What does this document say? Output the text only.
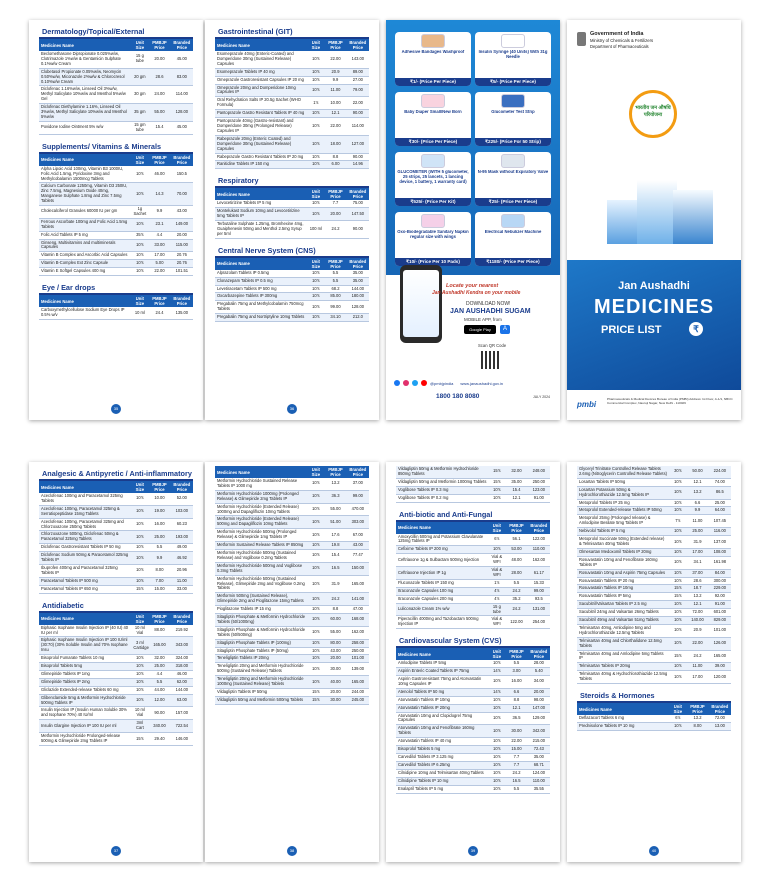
Dermatology/Topical/External
Medicines Name	Unit Size	PMBJP Price	Branded Price
Beclomethasone Dipropionate 0.025%w/w, Clotrimazole 1%w/w & Gentamicin Sulphate 0.1%w/w Cream	15 g tube	20.00	45.00
Clobetasol Propionate 0.05%w/w, Neomycin 0.50%w/w, Miconazole 2%w/w & Chlorocresol 0.10%w/w Cream	20 gm	28.6	83.00
Diclofenac 1.16%w/w, Linseed Oil 3%w/w, Methyl Salicylate 10%w/w and Menthol 5%w/w Gel	30 gm	24.00	114.00
Diclofenac Diethylamine 1.16%, Linseed Oil 3%w/w, Methyl Salicylate 10%w/w and Menthol 5%w/w	35 gm	55.00	128.00
Povidone Iodine Ointment 5% w/w	15 gm tube	15.4	45.00
Supplements/ Vitamins & Minerals
Medicines Name	Unit Size	PMBJP Price	Branded Price
Alpha Lipoic Acid 100mg, Vitamin B3 1000IU, Folic Acid 1.5mg, Pyridoxine 3mg and Methylcobalamin 1500mcg Tablets	10's	46.00	150.5
Calcium Carbonate 1250mg, Vitamin D3 250IU, Zinc 7.5mg, Magnesium Oxide 40mg, Manganese Sulphate 1.8mg and Zinc 7.5mg Tablets	10's	14.3	70.00
Cholecalciferol Granules 60000 IU per gm	1g Sachet	9.9	43.00
Ferrous Ascorbate 100mg and Folic Acid 1.5mg Tablets	10's	23.1	149.00
Folic Acid Tablets IP 5 mg	35's	4.4	20.00
Ginseng, Multivitamins and multiminerals Capsules	10's	33.00	115.00
Vitamin B Complex and Ascorbic Acid Capsules	10's	17.00	20.76
Vitamin B-Complex Ext Zinc Capsule	10's	5.00	20.76
Vitamin E Softgel Capsules 400 mg	10's	22.00	101.51
Eye / Ear drops
Medicines Name	Unit Size	PMBJP Price	Branded Price
Carboxymethylcellulose Sodium Eye Drops IP 0.5% w/v	10 ml	24.4	135.00
35
Gastrointestinal (GIT)
Medicines Name	Unit Size	PMBJP Price	Branded Price
Esomeprazole 40mg (Enteric-Coated) and Domperidone 30mg (Sustained Release) Capsules	10's	22.00	143.00
Esomeprazole Tablets IP 40 mg	10's	20.9	89.00
Omeprazole Gastroresistant Capsules IP 20 mg	10's	9.9	27.00
Omeprazole 20mg and Domperidone 10mg Capsules IP	10's	11.00	79.00
Oral Rehydration Salts IP 20.5g Sachet (WHO Formula)	1's	10.00	22.00
Pantoprazole Gastro Resistant Tablets IP 40 mg	10's	12.1	90.00
Pantoprazole 40mg (Gastro-resistant) and Domperidone 30mg (Prolonged Release) Capsules IP	10's	22.00	114.00
Rabeprazole 20mg (Enteric Coated) and Domperidone 30mg (Sustained Release) Capsules	10's	18.00	127.00
Rabeprazole Gastro Resistant Tablets IP 20 mg	10's	8.8	90.00
Ranitidine Tablets IP 150 mg	10's	6.00	14.96
Respiratory
Medicines Name	Unit Size	PMBJP Price	Branded Price
Levocetirizine Tablets IP 5 mg	10's	7.7	75.00
Montelukast Sodium 10mg and Levocetirizine 5mg Tablets IP	10's	20.00	147.50
Terbutaline Sulphate 1.25mg, Bromhexine 4mg, Guaiphenesin 50mg and Menthol 2.5mg Syrup per 5ml	100 ml	24.2	90.00
Central Nerve System (CNS)
Medicines Name	Unit Size	PMBJP Price	Branded Price
Alprazolam Tablets IP 0.5mg	10's	5.5	35.00
Clonazepam Tablets IP 0.5 mg	10's	5.5	35.00
Levetiracetam Tablets IP 500 mg	10's	68.2	144.00
Oxcarbazepine Tablets IP 300mg	10's	85.00	180.00
Pregabalin 75mg and Methylcobalamin 750mcg Tablets	10's	99.00	128.00
Pregabalin 75mg and Nortriptyline 10mg Tablets	10's	34.10	212.0
36
Adhesive Bandages Washproof
₹1/- (Price Per Piece)
Insulin Syringe (40 Units) With 31g Needle
₹5/- (Price Per Piece)
Baby Diaper Small/New Born
₹30/- (Price Per Piece)
Glucometer Test Strip
₹225/- (Price For 50 Strip)
GLUCOMETER (WITH 5 glucometer, 25 strips, 25 lancets, 1 lancing device, 1 battery, 1 warranty card)
₹525/- (Price Per Kit)
N-95 Mask without Expiratory Valve
₹25/- (Price Per Piece)
Oxo-Biodegradable Sanitary Napkin regular size with wings
₹10/- (Price Per 10 Pads)
Electrical Nebulizer Machine
₹1180/- (Price Per Piece)
Locate your nearest
Jan Aushadhi Kendra on your mobile
DOWNLOAD NOW!
JAN AUSHADHI SUGAM
MOBILE APP, from
Google Play	A
Scan QR Code
@pmbjpindia www.janaushadhi.gov.in
1800 180 8080	JULY 2024
Government of India
Ministry of Chemicals & Fertilizers
Department of Pharmaceuticals
भारतीय जन औषधि परियोजना
Jan Aushadhi
MEDICINES
PRICE LIST	₹
pmbi
Pharmaceuticals & Medical Devices Bureau of India (PMBI) Address: Ist Floor, A-1/1, NBCC Commercial Complex, Nauroji Nagar, New Delhi - 110029
Analgesic & Antipyretic / Anti-inflammatory
Medicines Name	Unit Size	PMBJP Price	Branded Price
Aceclofenac 100mg and Paracetamol 325mg Tablets	10's	10.00	52.00
Aceclofenac 100mg, Paracetamol 325mg & Serratiopeptidase 15mg Tablets	10's	19.00	103.00
Aceclofenac 100mg, Paracetamol 325mg and Chlorzoxazone 250mg Tablets	10's	16.00	60.23
Chlorzoxazone 500mg, Diclofenac 50mg & Paracetamol 325mg Tablets	10's	25.00	193.00
Diclofenac Gastroresistant Tablets IP 50 mg	10's	5.5	49.00
Diclofenac Sodium 50mg & Paracetamol 325mg Tablets IP	10's	9.9	46.92
Ibuprofen 400mg and Paracetamol 325mg Tablets IP	10's	8.00	20.96
Paracetamol Tablets IP 500 mg	10's	7.00	11.00
Paracetamol Tablets IP 650 mg	15's	15.00	33.00
Antidiabetic
Medicines Name	Unit Size	PMBJP Price	Branded Price
Biphasic Isophane Insulin Injection IP (40 IU) 40 IU per ml	10 ml Vial	88.00	219.92
Biphasic Isophane Insulin Injection IP 100 IU/ml (30:70) (30% Soluble Insulin and 70% Isophane Insu	3 ml Cartidge	165.00	343.00
Bisoprolol Fumarate Tablets 10 mg	10's	32.00	324.00
Bisoprolol Tablets 5mg	10's	25.00	318.00
Glimepiride Tablets IP 1mg	10's	4.4	46.00
Glimepiride Tablets IP 2mg	10's	5.5	62.00
Gliclazide Extended-release Tablets 60 mg	10's	44.00	144.00
Glibenclamide 5mg & Metformin Hydrochloride 500mg Tablets IP	10's	12.00	63.00
Insulin Injection IP (Insulin Human Soluble 30% and Isophane 70%) 40 IU/ml	10 ml Vial	90.00	157.00
Insulin Glargine Injection IP 100 IU per ml	3ml Cart	340.00	722.54
Metformin Hydrochloride Prolonged-release 500mg & Glimepiride 2mg Tablets IP	15's	29.40	146.00
37
Medicines Name	Unit Size	PMBJP Price	Branded Price
Metformin Hydrochloride Sustained Release Tablets IP 1000 mg	10's	13.2	37.00
Metformin Hydrochloride 1000mg (Prolonged Release) & Glimepiride 2mg Tablets IP	10's	36.3	99.00
Metformin Hydrochloride (Extended Release) 1000mg and Dapagliflozin 10mg Tablets	10's	55.00	470.00
Metformin Hydrochloride (Extended Release) 500mg and Dapagliflozin 10mg Tablets	10's	51.00	303.00
Metformin Hydrochloride 500mg (Prolonged Release) & Glimepiride 1mg Tablets IP	10's	17.6	67.00
Metformin Sustained Release Tablets IP 850mg	10's	19.8	43.00
Metformin Hydrochloride 500mg (Sustained Release) and Voglibose 0.2mg Tablets	10's	15.4	77.47
Metformin Hydrochloride 500mg and Voglibose 0.3mg Tablets	10's	16.5	150.00
Metformin Hydrochloride 500mg (Sustained Release), Glimepiride 2mg and Voglibose 0.2mg Tablets	10's	31.9	165.00
Metformin 500mg (Sustained Release), Glimepiride 2mg and Pioglitazone 15mg Tablets	10's	24.2	141.00
Pioglitazone Tablets IP 15 mg	10's	8.8	47.00
Sitagliptin Phosphate & Metformin Hydrochloride Tablets (50/1000mg)	10's	60.00	168.00
Sitagliptin Phosphate & Metformin Hydrochloride Tablets (50/500mg)	10's	55.00	162.00
Sitagliptin Phosphate Tablets IP (100mg)	10's	80.00	258.00
Sitagliptin Phosphate Tablets IP (50mg)	10's	43.00	250.00
Teneligliptin Tablets IP 20mg	10's	20.00	101.00
Teneligliptin 20mg and Metformin Hydrochloride 500mg (Sustained Release) Tablets	10's	30.00	139.00
Teneligliptin 20mg and Metformin Hydrochloride 1000mg (Sustained Release) Tablets	10's	40.00	165.00
Vildagliptin Tablets IP 50mg	15's	20.00	244.00
Vildagliptin 50mg and Metformin 500mg Tablets	15's	30.00	245.00
38
Vildagliptin 50mg & Metformin Hydrochloride 850mg Tablets	15's	32.00	248.00
Vildagliptin 50mg and Metformin 1000mg Tablets	15's	35.00	250.00
Voglibose Tablets IP 0.3 mg	10's	15.4	123.00
Voglibose Tablets IP 0.2 mg	10's	12.1	91.00
Anti-biotic and Anti-Fungal
Medicines Name	Unit Size	PMBJP Price	Branded Price
Amoxycillin 500mg and Potassium Clavulanate 125mg Tablets IP	6's	56.1	122.00
Cefixime Tablets IP 200 mg	10's	53.00	110.00
Ceftriaxone 1g & Sulbactam 500mg Injection	Vial & WFI	48.00	162.00
Ceftriaxone Injection IP 1g	Vial & WFI	28.00	61.17
Fluconazole Tablets IP 150 mg	1's	5.5	15.33
Itraconazole Capsules 100 mg	4's	24.2	99.00
Itraconazole Capsules 200 mg	4's	35.2	93.5
Luliconazole Cream 1% w/w	15 g tube	24.2	131.00
Piperacillin 4000mg and Tazobactam 500mg Injection IP	Vial & WFI	122.00	254.00
Cardiovascular System (CVS)
Medicines Name	Unit Size	PMBJP Price	Branded Price
Amlodipine Tablets IP 5mg	10's	5.5	28.00
Aspirin Enteric Coated Tablets IP 75mg	14's	3.00	5.40
Aspirin Gastroresistant 75mg and Atorvastatin 10mg Capsules IP	10's	16.00	34.00
Atenolol Tablets IP 50 mg	14's	6.6	20.00
Atorvastatin Tablets IP 10mg	10's	8.8	98.00
Atorvastatin Tablets IP 20mg	10's	12.1	147.00
Atorvastatin 10mg and Clopidogrel 75mg Capsules	10's	36.5	129.00
Atorvastatin 10mg and Fenofibrate 160mg Tablets	10's	30.00	342.00
Atorvastatin Tablets IP 40 mg	10's	22.00	215.00
Bisoprolol Tablets 5 mg	10's	15.00	72.43
Carvedilol Tablets IP 3.125 mg	10's	7.7	35.00
Carvedilol Tablets IP 6.25mg	10's	7.7	68.71
Cilnidipine 10mg and Telmisartan 40mg Tablets	10's	24.2	124.00
Cilnidipine Tablets IP 10 mg	10's	16.5	110.00
Enalapril Tablets IP 5 mg	10's	5.5	35.55
39
Glyceryl Trinitrate Controlled Release Tablets 2.6mg (Nitroglycerin Controlled Release Tablets)	30's	50.00	224.00
Losartan Tablets IP 50mg	10's	12.1	74.00
Losartan Potassium 50mg & Hydrochlorothiazide 12.5mg Tablets IP	10's	13.2	86.5
Metoprolol Tablets IP 25 mg	10's	6.6	25.00
Metoprolol Extended-release Tablets IP 50mg	10's	9.9	64.00
Metoprolol 25mg (Prolonged release) & Amlodipine Besilate 5mg Tablets IP	7's	11.00	107.45
Nebivolol Tablets IP 5 mg	10's	25.00	116.00
Metoprolol Succinate 50mg (Extended release) & Telmisartan 40mg Tablets	10's	31.9	137.00
Olmesartan Medoxomil Tablets IP 20mg	10's	17.00	108.00
Rosuvastatin 10mg and Fenofibrate 160mg Tablets IP	10's	34.1	161.98
Rosuvastatin 10mg and Aspirin 75mg Capsules	10's	37.00	84.00
Rosuvastatin Tablets IP 20 mg	10's	28.6	300.00
Rosuvastatin Tablets IP 10mg	15's	18.7	229.00
Rosuvastatin Tablets IP 5mg	15's	13.2	92.00
Sacubitril/Valsartan Tablets IP 2.5 mg	10's	12.1	91.00
Sacubitril 24mg and Valsartan 26mg Tablets	10's	72.00	601.00
Sacubitril 49mg and Valsartan 51mg Tablets	10's	140.00	829.00
Telmisartan 40mg, Amlodipine 5mg and Hydrochlorothiazide 12.5mg Tablets	10's	20.9	101.00
Telmisartan 40mg and Chlorthalidone 12.5mg Tablets	10's	22.00	126.00
Telmisartan 40mg and Amlodipine 5mg Tablets IP	15's	24.2	165.00
Telmisartan Tablets IP 20mg	10's	11.00	39.00
Telmisartan 40mg & Hydrochlorothiazide 12.5mg Tablets	10's	17.00	120.00
Steroids & Hormones
Medicines Name	Unit Size	PMBJP Price	Branded Price
Deflazacort Tablets 6 mg	6's	13.2	72.00
Prednisolone Tablets IP 10 mg	10's	8.00	13.00
40
